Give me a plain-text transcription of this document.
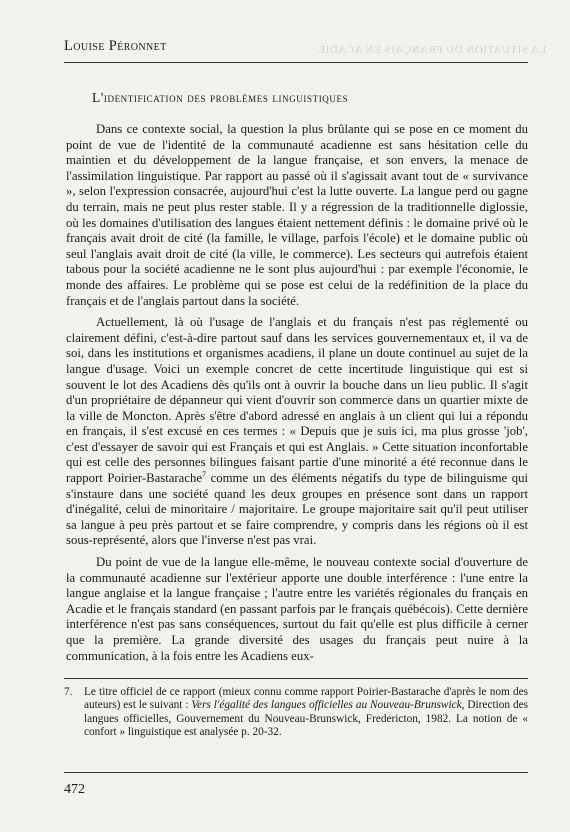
LA SITUATION DU FRANÇAIS EN ACADIE
Louise Péronnet
L'identification des problèmes linguistiques

Dans ce contexte social, la question la plus brûlante qui se pose en ce moment du point de vue de l'identité de la communauté acadienne est sans hésitation celle du maintien et du développement de la langue française, et son envers, la menace de l'assimilation linguistique. Par rapport au passé où il s'agissait avant tout de « survivance », selon l'expression consacrée, aujourd'hui c'est la lutte ouverte. La langue perd ou gagne du terrain, mais ne peut plus rester stable. Il y a régression de la traditionnelle diglossie, où les domaines d'utilisation des langues étaient nettement définis : le domaine privé où le français avait droit de cité (la famille, le village, parfois l'école) et le domaine public où seul l'anglais avait droit de cité (la ville, le commerce). Les secteurs qui autrefois étaient tabous pour la société acadienne ne le sont plus aujourd'hui : par exemple l'économie, le monde des affaires. Le problème qui se pose est celui de la redéfinition de la place du français et de l'anglais partout dans la société.

Actuellement, là où l'usage de l'anglais et du français n'est pas réglementé ou clairement défini, c'est-à-dire partout sauf dans les services gouvernementaux et, il va de soi, dans les institutions et organismes acadiens, il plane un doute continuel au sujet de la langue d'usage. Voici un exemple concret de cette incertitude linguistique qui est si souvent le lot des Acadiens dès qu'ils ont à ouvrir la bouche dans un lieu public. Il s'agit d'un propriétaire de dépanneur qui vient d'ouvrir son commerce dans un quartier mixte de la ville de Moncton. Après s'être d'abord adressé en anglais à un client qui lui a répondu en français, il s'est excusé en ces termes : « Depuis que je suis ici, ma plus grosse 'job', c'est d'essayer de savoir qui est Français et qui est Anglais. » Cette situation inconfortable qui est celle des personnes bilingues faisant partie d'une minorité a été reconnue dans le rapport Poirier-Bastarache$^7$ comme un des éléments négatifs du type de bilinguisme qui s'instaure dans une société quand les deux groupes en présence sont dans un rapport d'inégalité, celui de minoritaire / majoritaire. Le groupe majoritaire sait qu'il peut utiliser sa langue à peu près partout et se faire comprendre, y compris dans les régions où il est sous-représenté, alors que l'inverse n'est pas vrai.

Du point de vue de la langue elle-même, le nouveau contexte social d'ouverture de la communauté acadienne sur l'extérieur apporte une double interférence : l'une entre la langue anglaise et la langue française ; l'autre entre les variétés régionales du français en Acadie et le français standard (en passant parfois par le français québécois). Cette dernière interférence n'est pas sans conséquences, surtout du fait qu'elle est plus difficile à cerner que la première. La grande diversité des usages du français peut nuire à la communication, à la fois entre les Acadiens eux-

7. Le titre officiel de ce rapport (mieux connu comme rapport Poirier-Bastarache d'après le nom des auteurs) est le suivant : Vers l'égalité des langues officielles au Nouveau-Brunswick, Direction des langues officielles, Gouvernement du Nouveau-Brunswick, Fredericton, 1982. La notion de « confort » linguistique est analysée p. 20-32.
472
